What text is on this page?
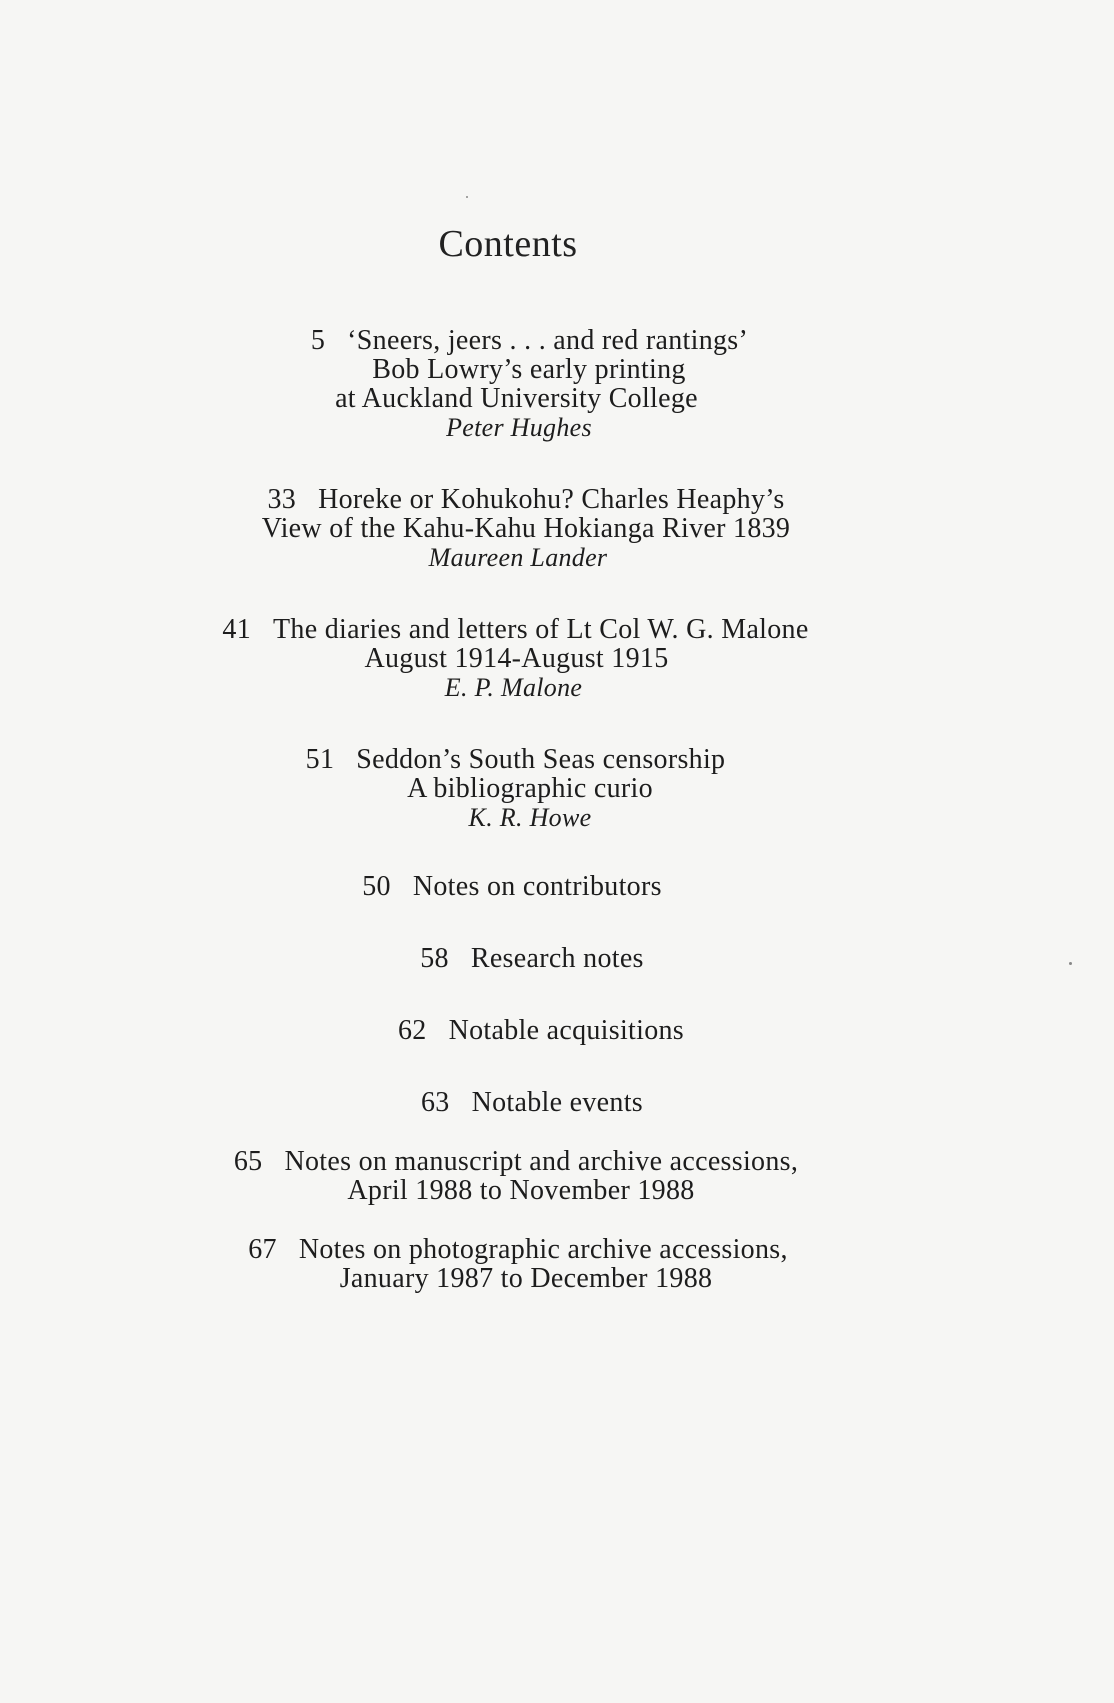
Contents
5 ‘Sneers, jeers . . . and red rantings’
Bob Lowry’s early printing
at Auckland University College
Peter Hughes
33 Horeke or Kohukohu? Charles Heaphy’s
View of the Kahu-Kahu Hokianga River 1839
Maureen Lander
41 The diaries and letters of Lt Col W. G. Malone
August 1914-August 1915
E. P. Malone
51 Seddon’s South Seas censorship
A bibliographic curio
K. R. Howe
50 Notes on contributors
58 Research notes
62 Notable acquisitions
63 Notable events
65 Notes on manuscript and archive accessions,
April 1988 to November 1988
67 Notes on photographic archive accessions,
January 1987 to December 1988
